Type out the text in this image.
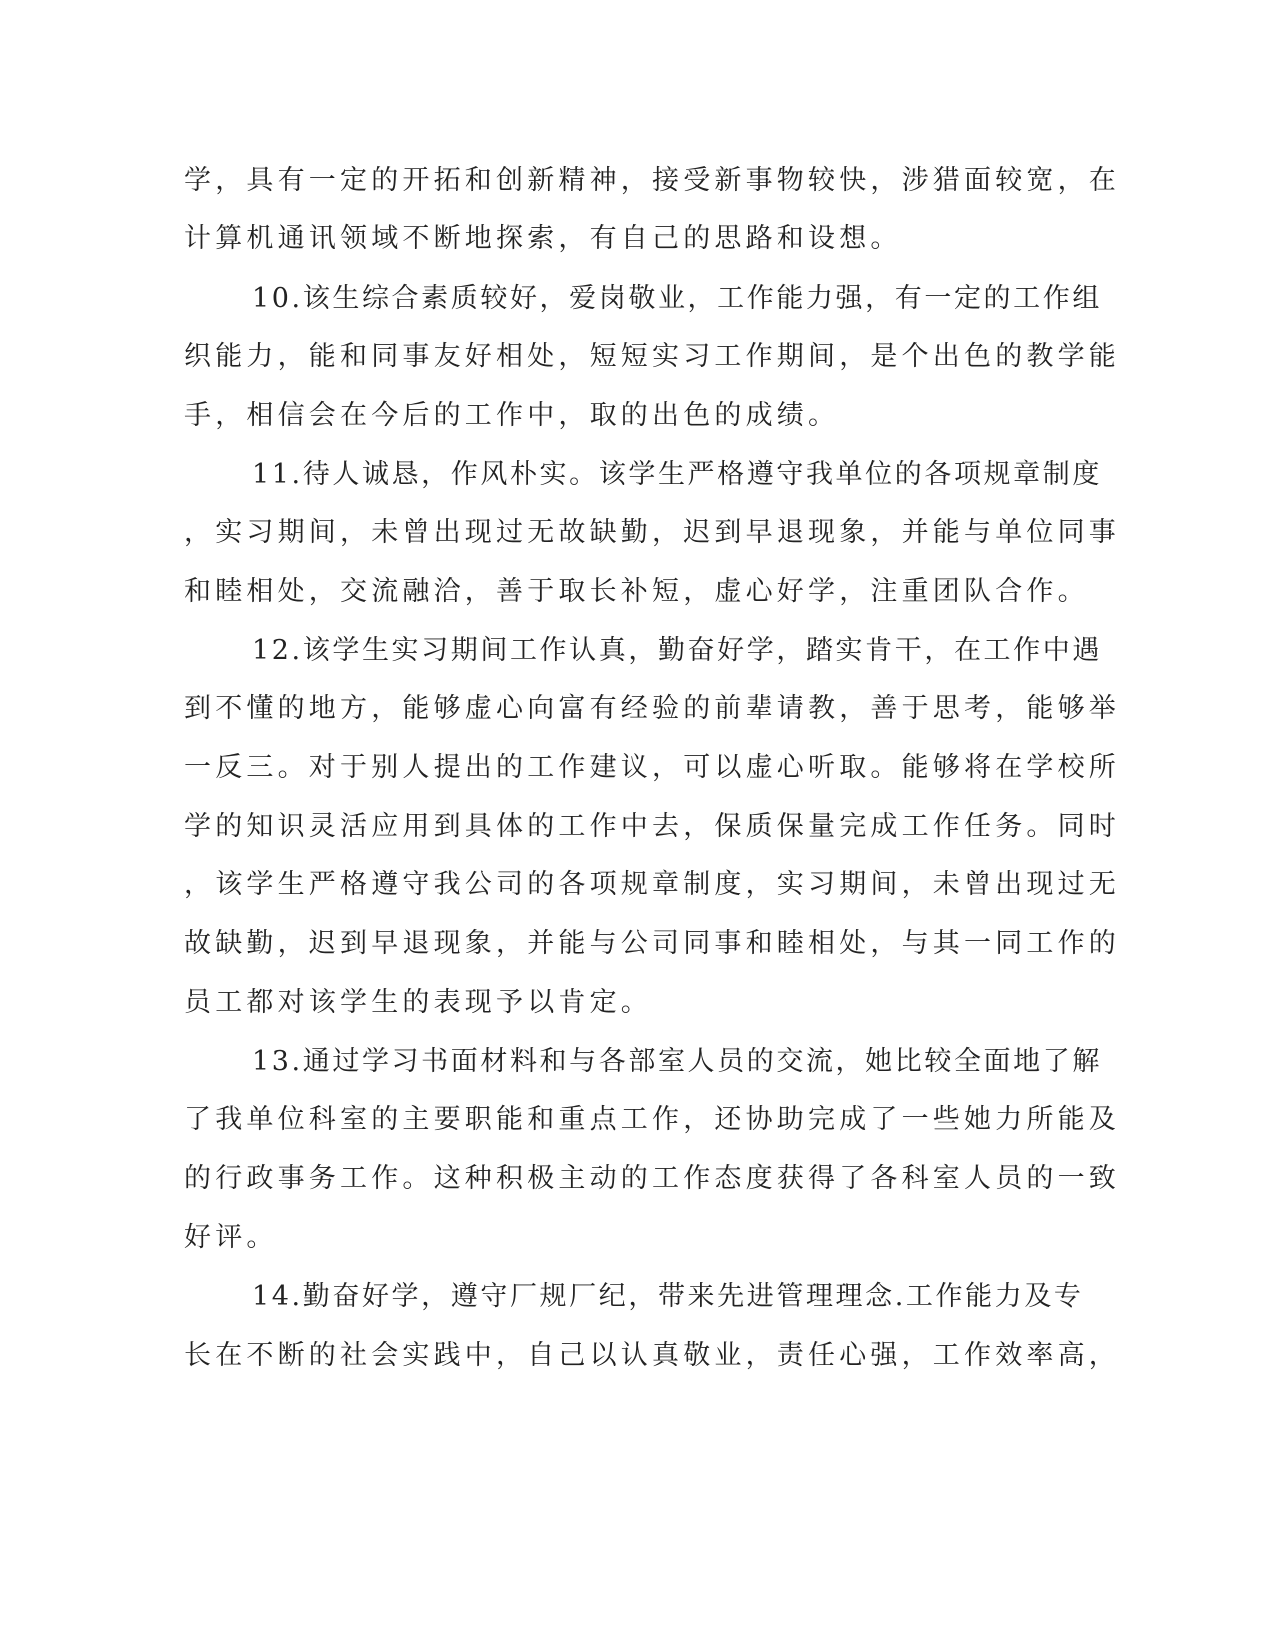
学，具有一定的开拓和创新精神，接受新事物较快，涉猎面较宽，在
计算机通讯领域不断地探索，有自己的思路和设想。
10.该生综合素质较好，爱岗敬业，工作能力强，有一定的工作组
织能力，能和同事友好相处，短短实习工作期间，是个出色的教学能
手，相信会在今后的工作中，取的出色的成绩。
11.待人诚恳，作风朴实。该学生严格遵守我单位的各项规章制度
，实习期间，未曾出现过无故缺勤，迟到早退现象，并能与单位同事
和睦相处，交流融洽，善于取长补短，虚心好学，注重团队合作。
12.该学生实习期间工作认真，勤奋好学，踏实肯干，在工作中遇
到不懂的地方，能够虚心向富有经验的前辈请教，善于思考，能够举
一反三。对于别人提出的工作建议，可以虚心听取。能够将在学校所
学的知识灵活应用到具体的工作中去，保质保量完成工作任务。同时
，该学生严格遵守我公司的各项规章制度，实习期间，未曾出现过无
故缺勤，迟到早退现象，并能与公司同事和睦相处，与其一同工作的
员工都对该学生的表现予以肯定。
13.通过学习书面材料和与各部室人员的交流，她比较全面地了解
了我单位科室的主要职能和重点工作，还协助完成了一些她力所能及
的行政事务工作。这种积极主动的工作态度获得了各科室人员的一致
好评。
14.勤奋好学，遵守厂规厂纪，带来先进管理理念.工作能力及专
长在不断的社会实践中，自己以认真敬业，责任心强，工作效率高，
